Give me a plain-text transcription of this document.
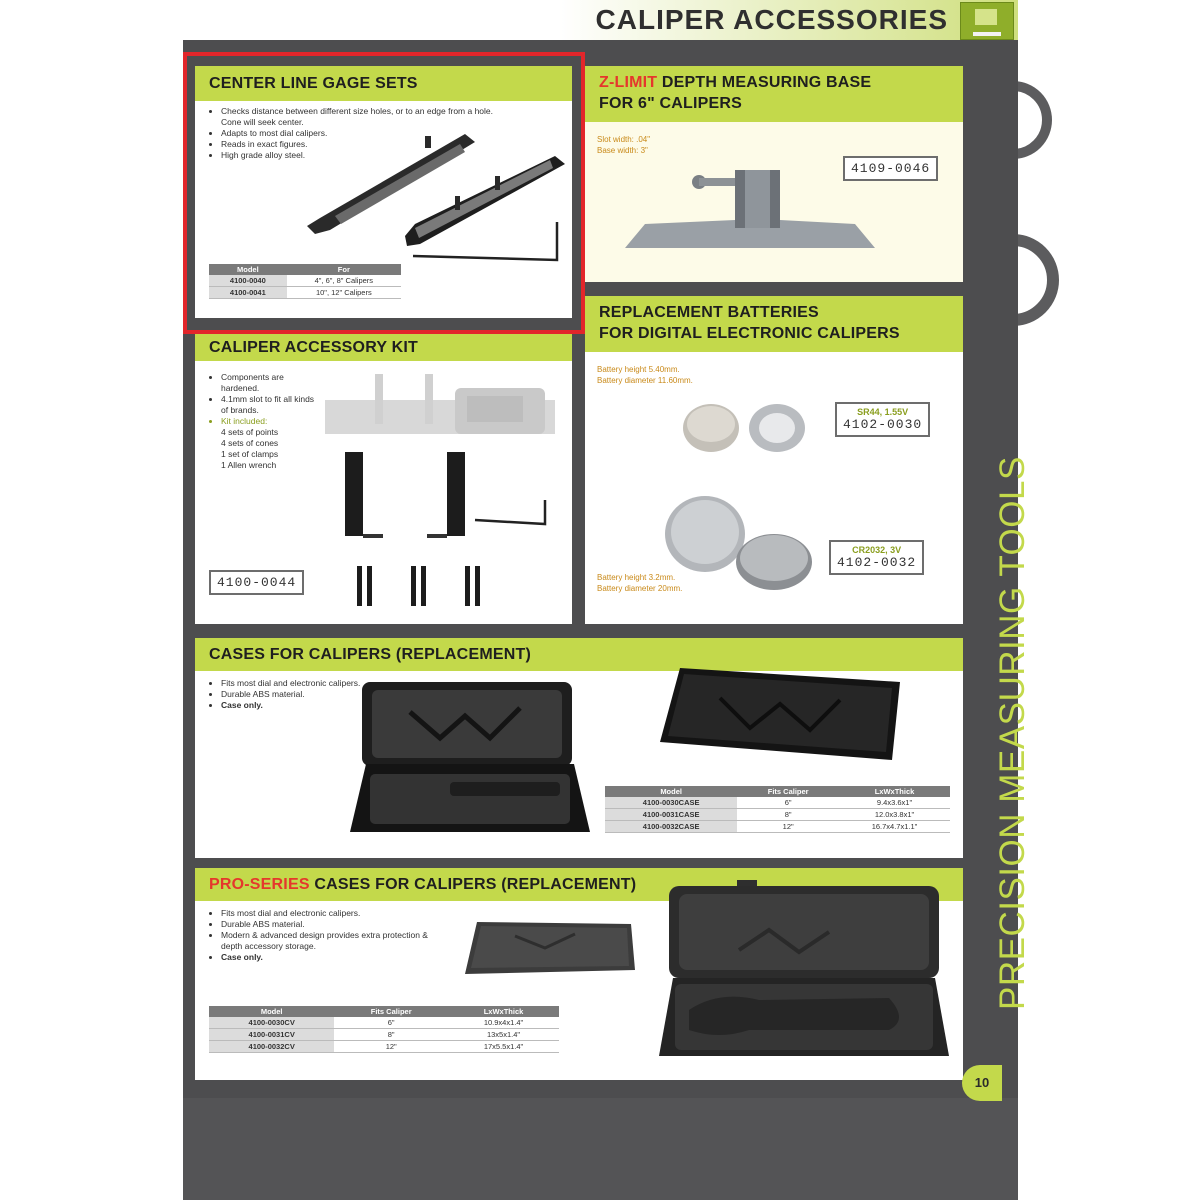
CALIPER ACCESSORIES
CENTER LINE GAGE SETS
• Checks distance between different size holes, or to an edge from a hole.
Cone will seek center.
• Adapts to most dial calipers.
• Reads in exact figures.
• High grade alloy steel.
Model	For
4100-0040	4", 6", 8" Calipers
4100-0041	10", 12" Calipers
Z-LIMIT DEPTH MEASURING BASE
FOR 6" CALIPERS
Slot width: .04"
Base width: 3"
4109-0046
CALIPER ACCESSORY KIT
• Components are hardened.
• 4.1mm slot to fit all kinds of brands.
• Kit included:
4 sets of points
4 sets of cones
1 set of clamps
1 Allen wrench
4100-0044
REPLACEMENT BATTERIES
FOR DIGITAL ELECTRONIC CALIPERS
Battery height 5.40mm.
Battery diameter 11.60mm.
SR44, 1.55V
4102-0030
CR2032, 3V
4102-0032
Battery height 3.2mm.
Battery diameter 20mm.
CASES FOR CALIPERS (REPLACEMENT)
• Fits most dial and electronic calipers.
• Durable ABS material.
• Case only.
Model	Fits Caliper	LxWxThick
4100-0030CASE	6"	9.4x3.6x1"
4100-0031CASE	8"	12.0x3.8x1"
4100-0032CASE	12"	16.7x4.7x1.1"
PRO-SERIES CASES FOR CALIPERS (REPLACEMENT)
• Fits most dial and electronic calipers.
• Durable ABS material.
• Modern & advanced design provides extra protection & depth accessory storage.
• Case only.
Model	Fits Caliper	LxWxThick
4100-0030CV	6"	10.9x4x1.4"
4100-0031CV	8"	13x5x1.4"
4100-0032CV	12"	17x5.5x1.4"
PRECISION MEASURING TOOLS
10
